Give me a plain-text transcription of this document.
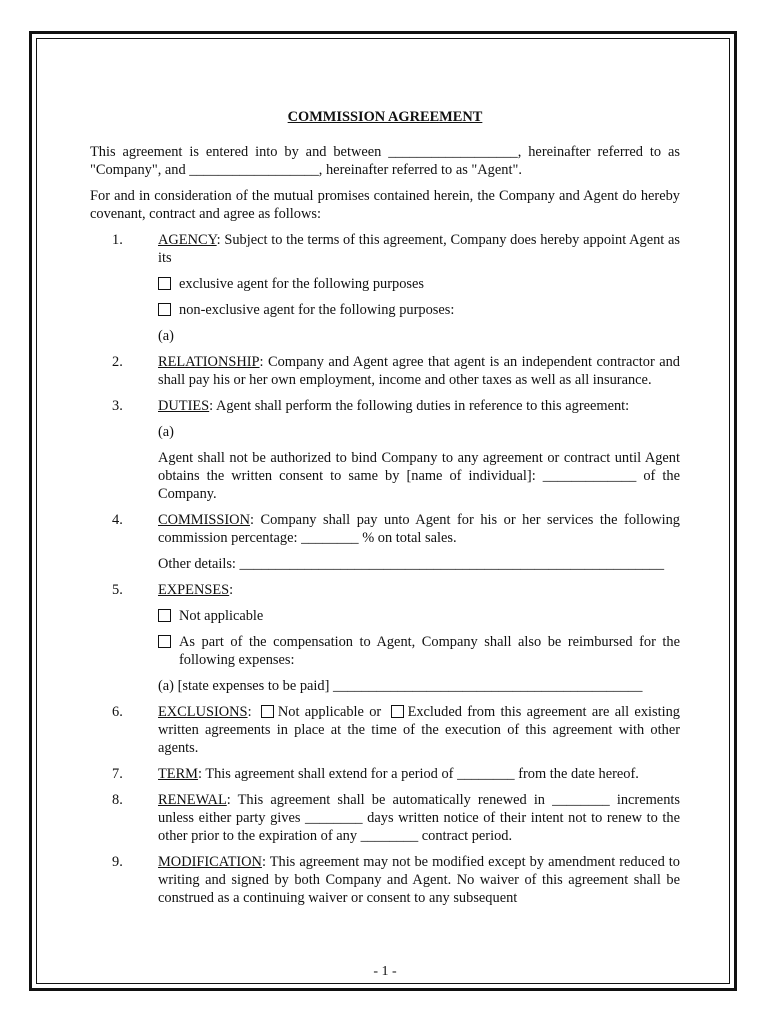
COMMISSION AGREEMENT

This agreement is entered into by and between __________________, hereinafter referred to as "Company", and __________________, hereinafter referred to as "Agent".

For and in consideration of the mutual promises contained herein, the Company and Agent do hereby covenant, contract and agree as follows:

1.	AGENCY: Subject to the terms of this agreement, Company does hereby appoint Agent as its

exclusive agent for the following purposes
non-exclusive agent for the following purposes:
(a)
2.	RELATIONSHIP: Company and Agent agree that agent is an independent contractor and shall pay his or her own employment, income and other taxes as well as all insurance.

3.	DUTIES: Agent shall perform the following duties in reference to this agreement:

(a)

Agent shall not be authorized to bind Company to any agreement or contract until Agent obtains the written consent to same by [name of individual]: _____________ of the Company.

4.	COMMISSION: Company shall pay unto Agent for his or her services the following commission percentage: ________ % on total sales.

Other details: ___________________________________________________________
5.	EXPENSES:

Not applicable

As part of the compensation to Agent, Company shall also be reimbursed for the following expenses:

(a) [state expenses to be paid] ___________________________________________
6.	EXCLUSIONS: Not applicable or Excluded from this agreement are all existing written agreements in place at the time of the execution of this agreement with other agents.

7.	TERM: This agreement shall extend for a period of ________ from the date hereof.

8.	RENEWAL: This agreement shall be automatically renewed in ________ increments unless either party gives ________ days written notice of their intent not to renew to the other prior to the expiration of any ________ contract period.

9.	MODIFICATION: This agreement may not be modified except by amendment reduced to writing and signed by both Company and Agent. No waiver of this agreement shall be construed as a continuing waiver or consent to any subsequent

- 1 -
